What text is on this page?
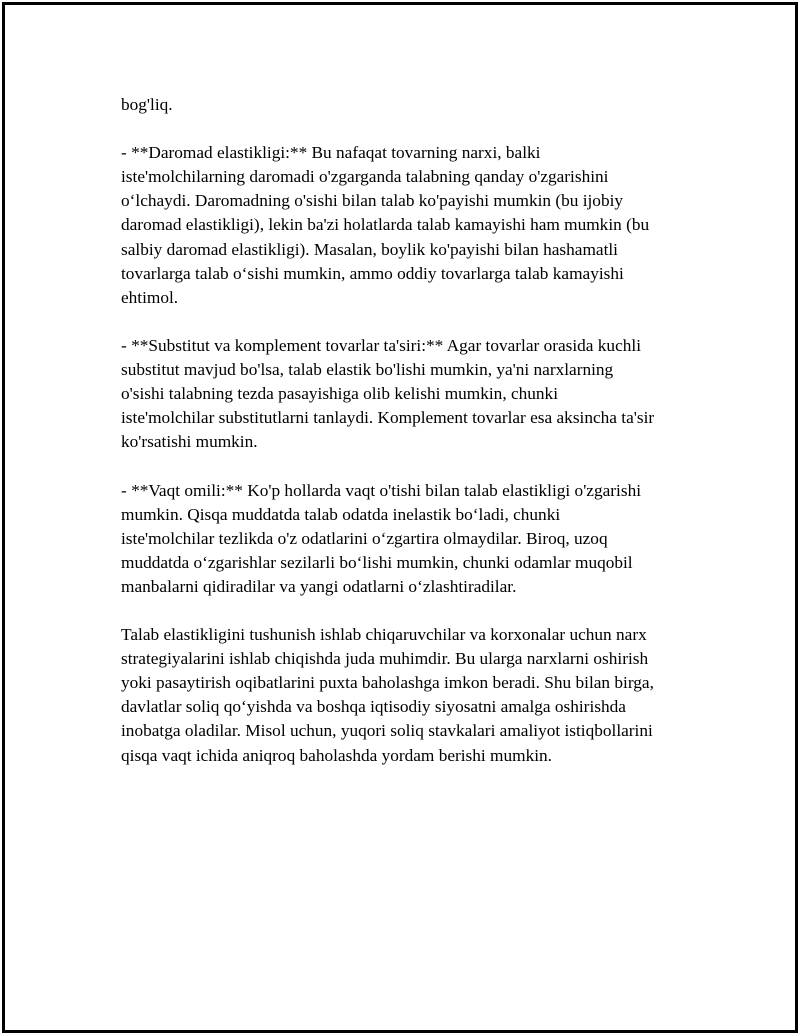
bog'liq.
- **Daromad elastikligi:** Bu nafaqat tovarning narxi, balki
iste'molchilarning daromadi o'zgarganda talabning qanday o'zgarishini
o‘lchaydi. Daromadning o'sishi bilan talab ko'payishi mumkin (bu ijobiy
daromad elastikligi), lekin ba'zi holatlarda talab kamayishi ham mumkin (bu
salbiy daromad elastikligi). Masalan, boylik ko'payishi bilan hashamatli
tovarlarga talab o‘sishi mumkin, ammo oddiy tovarlarga talab kamayishi
ehtimol.
- **Substitut va komplement tovarlar ta'siri:** Agar tovarlar orasida kuchli
substitut mavjud bo'lsa, talab elastik bo'lishi mumkin, ya'ni narxlarning
o'sishi talabning tezda pasayishiga olib kelishi mumkin, chunki
iste'molchilar substitutlarni tanlaydi. Komplement tovarlar esa aksincha ta'sir
ko'rsatishi mumkin.
- **Vaqt omili:** Ko'p hollarda vaqt o'tishi bilan talab elastikligi o'zgarishi
mumkin. Qisqa muddatda talab odatda inelastik bo‘ladi, chunki
iste'molchilar tezlikda o'z odatlarini o‘zgartira olmaydilar. Biroq, uzoq
muddatda o‘zgarishlar sezilarli bo‘lishi mumkin, chunki odamlar muqobil
manbalarni qidiradilar va yangi odatlarni o‘zlashtiradilar.
Talab elastikligini tushunish ishlab chiqaruvchilar va korxonalar uchun narx
strategiyalarini ishlab chiqishda juda muhimdir. Bu ularga narxlarni oshirish
yoki pasaytirish oqibatlarini puxta baholashga imkon beradi. Shu bilan birga,
davlatlar soliq qo‘yishda va boshqa iqtisodiy siyosatni amalga oshirishda
inobatga oladilar. Misol uchun, yuqori soliq stavkalari amaliyot istiqbollarini
qisqa vaqt ichida aniqroq baholashda yordam berishi mumkin.
